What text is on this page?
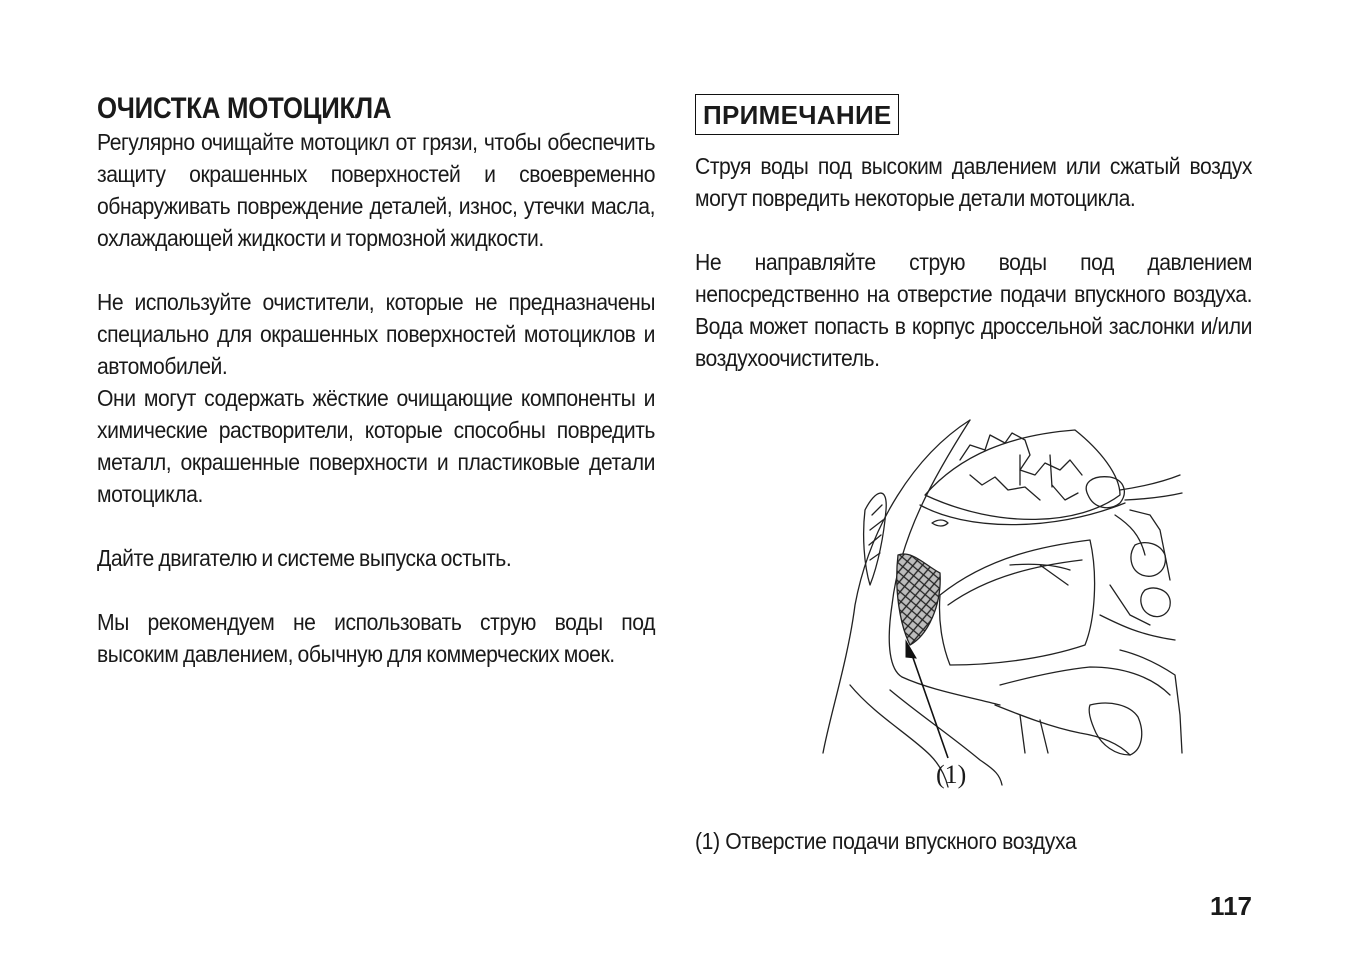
ОЧИСТКА МОТОЦИКЛА

Регулярно очищайте мотоцикл от грязи, чтобы обеспечить защиту окрашенных поверхностей и своевременно обнаруживать повреждение деталей, износ, утечки масла, охлаждающей жидкости и тормозной жидкости.

Не используйте очистители, которые не предназначены специально для окрашенных поверхностей мотоциклов и автомобилей.

Они могут содержать жёсткие очищающие компоненты и химические растворители, которые способны повредить металл, окрашенные поверхности и пластиковые детали мотоцикла.

Дайте двигателю и системе выпуска остыть.

Мы рекомендуем не использовать струю воды под высоким давлением, обычную для коммерческих моек.

ПРИМЕЧАНИЕ

Струя воды под высоким давлением или сжатый воздух могут повредить некоторые детали мотоцикла.

Не направляйте струю воды под давлением непосредственно на отверстие подачи впускного воздуха. Вода может попасть в корпус дроссельной заслонки и/или воздухоочиститель.

(1)
(1) Отверстие подачи впускного воздуха
117
